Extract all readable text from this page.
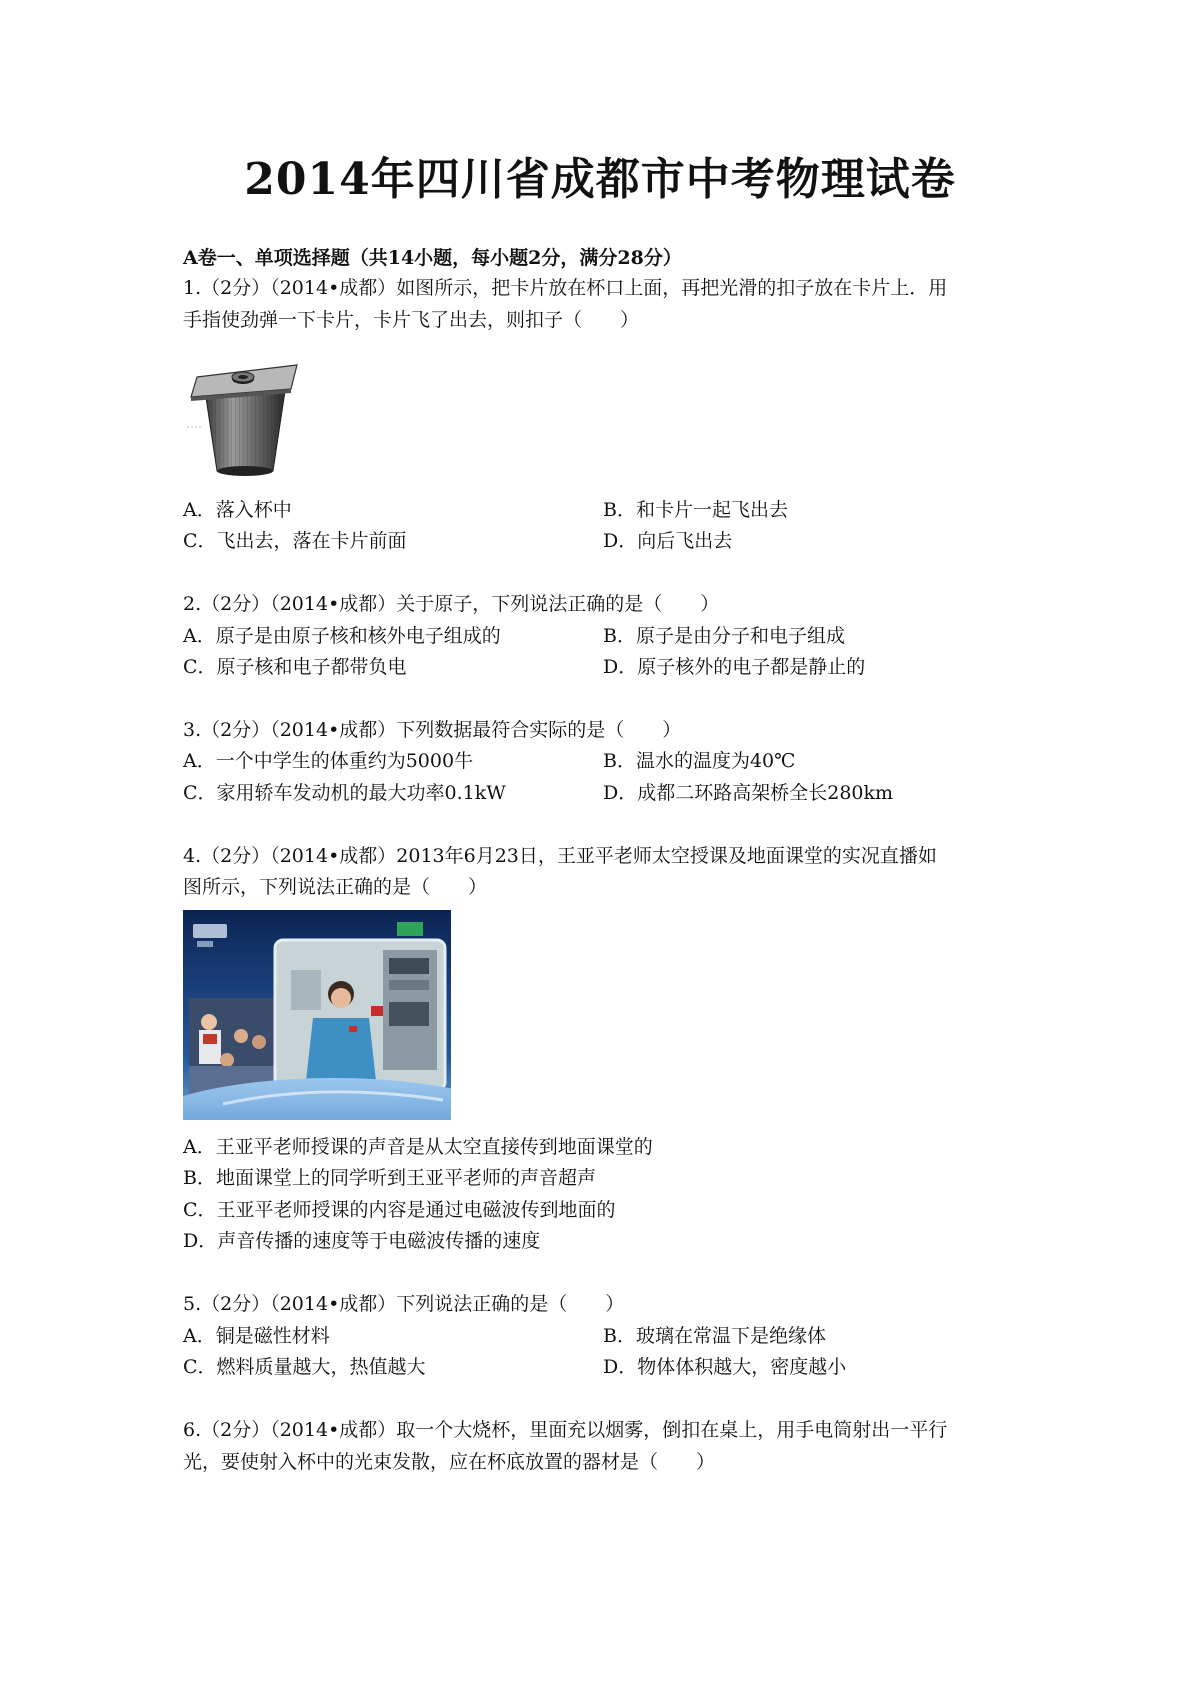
2014年四川省成都市中考物理试卷
A卷一、单项选择题（共14小题，每小题2分，满分28分）
1.（2分）（2014•成都）如图所示，把卡片放在杯口上面，再把光滑的扣子放在卡片上．用
手指使劲弹一下卡片，卡片飞了出去，则扣子（　　）
A．落入杯中	B．和卡片一起飞出去
C．飞出去，落在卡片前面	D．向后飞出去
2.（2分）（2014•成都）关于原子，下列说法正确的是（　　）
A．原子是由原子核和核外电子组成的	B．原子是由分子和电子组成
C．原子核和电子都带负电	D．原子核外的电子都是静止的
3.（2分）（2014•成都）下列数据最符合实际的是（　　）
A．一个中学生的体重约为5000牛	B．温水的温度为40℃
C．家用轿车发动机的最大功率0.1kW	D．成都二环路高架桥全长280km
4.（2分）（2014•成都）2013年6月23日，王亚平老师太空授课及地面课堂的实况直播如
图所示，下列说法正确的是（　　）
A．王亚平老师授课的声音是从太空直接传到地面课堂的
B．地面课堂上的同学听到王亚平老师的声音超声
C．王亚平老师授课的内容是通过电磁波传到地面的
D．声音传播的速度等于电磁波传播的速度
5.（2分）（2014•成都）下列说法正确的是（　　）
A．铜是磁性材料	B．玻璃在常温下是绝缘体
C．燃料质量越大，热值越大	D．物体体积越大，密度越小
6.（2分）（2014•成都）取一个大烧杯，里面充以烟雾，倒扣在桌上，用手电筒射出一平行
光，要使射入杯中的光束发散，应在杯底放置的器材是（　　）
